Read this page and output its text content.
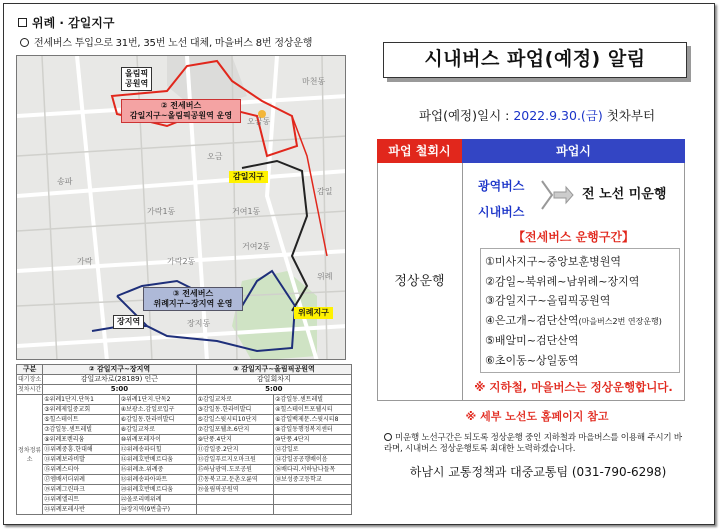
위례 · 감일지구
전세버스 투입으로 31번, 35번 노선 대체, 마을버스 8번 정상운행
가락1동
가락2동
오금동
마천동
거여1동
거여2동
장지동
송파
가락
오금
위례
감일
올림픽
공원역
② 전세버스
감일지구~올림픽공원역 운영
③ 전세버스
위례지구~장지역 운영
감일지구
위례지구
장지역
구분	② 감일지구~장지역		③ 감일지구~올림픽공원역	
대기장소	감일교차로(28189) 인근		감일회차지	
첫차시간	5:00		5:00	
정차정류소	①위례1단지.단독1	②위례1단지.단독2	①감일교차로	②감일동.센트레빌
	③위례제일중교회	④보광소.감일로입구	③감일동.한라비발디	④힐스테이트포웰시티
	⑤힐스테이트	⑥감일동.한라비발디	⑤감일스윗시티10단지	⑥감일백제문.스윗시티8
	⑦감일동.센트레빌	⑧감일교차로	⑦감일포웰초.6단지	⑧감일동행정복지센터
	⑨위례포렌리움	⑩위례포레자이	⑨단풍.4단지	⑩단풍.4단지
	⑪위례중흥.한대해	⑫위례송파더힐	⑪감일중.2단지	⑫감일로
	⑬위례보라비발	⑭위례호반베르디움	⑬감일푸르지오마크원	⑭감일공공행배이음
	⑮위례스티아	⑯위례초.위례중	⑮하남광역.도로공원	⑯배다리.서하남나들목
	⑰엠배서더위례	⑱위례송파아파트	⑰동북고교.둔촌오륜역	⑱보성중고등학교
	⑲위례그린파크	⑳위례호반베르디움	⑲올림픽공원역	
	㉑위례엘리트	㉒올로리메위례		
	㉓위례포레사반	㉔장지역(9번출구)		
시내버스 파업(예정) 알림
파업(예정)일시 : 2022.9.30.(금) 첫차부터
파업 철회시	파업시
정상운행
광역버스
시내버스
전 노선 미운행
【전세버스 운행구간】
①미사지구~중앙보훈병원역
②감일~북위례~남위례~장지역
③감일지구~올림픽공원역
④은고개~검단산역(마을버스2번 연장운행)
⑤배알미~검단산역
⑥초이동~상일동역
※ 지하철, 마을버스는 정상운행합니다.
※ 세부 노선도 홈페이지 참고
미운행 노선구간은 되도록 정상운행 중인 지하철과 마을버스를 이용해 주시기 바라며, 시내버스 정상운행토록 최대한 노력하겠습니다.
하남시 교통정책과 대중교통팀 (031-790-6298)
